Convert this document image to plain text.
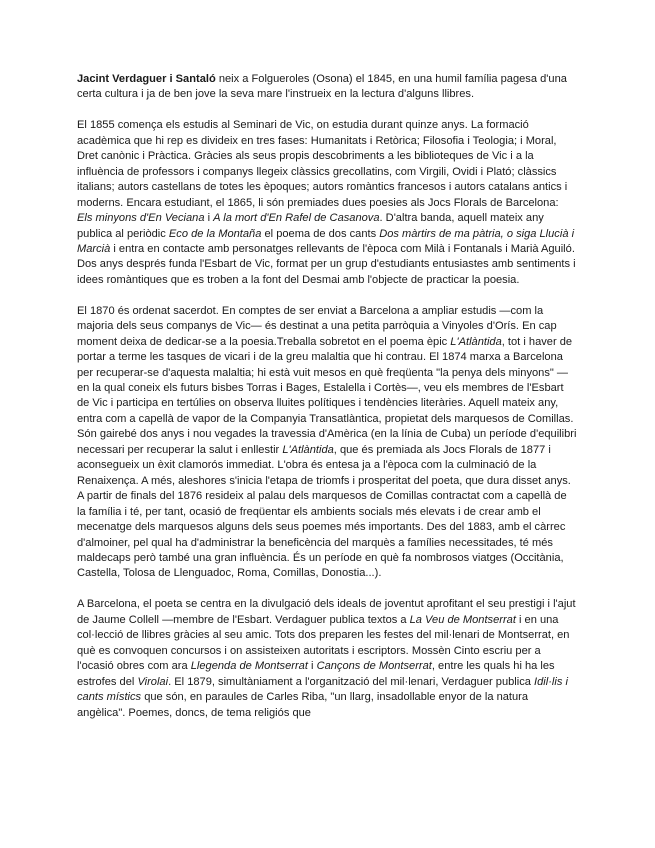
Jacint Verdaguer i Santaló neix a Folgueroles (Osona) el 1845, en una humil família pagesa d'una certa cultura i ja de ben jove la seva mare l'instrueix en la lectura d'alguns llibres.

El 1855 comença els estudis al Seminari de Vic, on estudia durant quinze anys. La formació acadèmica que hi rep es divideix en tres fases: Humanitats i Retòrica; Filosofia i Teologia; i Moral, Dret canònic i Pràctica. Gràcies als seus propis descobriments a les biblioteques de Vic i a la influència de professors i companys llegeix clàssics grecollatins, com Virgili, Ovidi i Plató; clàssics italians; autors castellans de totes les èpoques; autors romàntics francesos i autors catalans antics i moderns. Encara estudiant, el 1865, li són premiades dues poesies als Jocs Florals de Barcelona: Els minyons d'En Veciana i A la mort d'En Rafel de Casanova. D'altra banda, aquell mateix any publica al periòdic Eco de la Montaña el poema de dos cants Dos màrtirs de ma pàtria, o siga Llucià i Marcià i entra en contacte amb personatges rellevants de l'època com Milà i Fontanals i Marià Aguiló. Dos anys després funda l'Esbart de Vic, format per un grup d'estudiants entusiastes amb sentiments i idees romàntiques que es troben a la font del Desmai amb l'objecte de practicar la poesia.

El 1870 és ordenat sacerdot. En comptes de ser enviat a Barcelona a ampliar estudis —com la majoria dels seus companys de Vic— és destinat a una petita parròquia a Vinyoles d'Orís. En cap moment deixa de dedicar-se a la poesia.Treballa sobretot en el poema èpic L'Atlàntida, tot i haver de portar a terme les tasques de vicari i de la greu malaltia que hi contrau. El 1874 marxa a Barcelona per recuperar-se d'aquesta malaltia; hi està vuit mesos en què freqüenta "la penya dels minyons" —en la qual coneix els futurs bisbes Torras i Bages, Estalella i Cortès—, veu els membres de l'Esbart de Vic i participa en tertúlies on observa lluites polítiques i tendències literàries. Aquell mateix any, entra com a capellà de vapor de la Companyia Transatlàntica, propietat dels marquesos de Comillas. Són gairebé dos anys i nou vegades la travessia d'Amèrica (en la línia de Cuba) un període d'equilibri necessari per recuperar la salut i enllestir L'Atlàntida, que és premiada als Jocs Florals de 1877 i aconsegueix un èxit clamorós immediat. L'obra és entesa ja a l'època com la culminació de la Renaixença. A més, aleshores s'inicia l'etapa de triomfs i prosperitat del poeta, que dura disset anys. A partir de finals del 1876 resideix al palau dels marquesos de Comillas contractat com a capellà de la família i té, per tant, ocasió de freqüentar els ambients socials més elevats i de crear amb el mecenatge dels marquesos alguns dels seus poemes més importants. Des del 1883, amb el càrrec d'almoiner, pel qual ha d'administrar la beneficència del marquès a famílies necessitades, té més maldecaps però també una gran influència. És un període en què fa nombrosos viatges (Occitània, Castella, Tolosa de Llenguadoc, Roma, Comillas, Donostia...).

A Barcelona, el poeta se centra en la divulgació dels ideals de joventut aprofitant el seu prestigi i l'ajut de Jaume Collell —membre de l'Esbart. Verdaguer publica textos a La Veu de Montserrat i en una col·lecció de llibres gràcies al seu amic. Tots dos preparen les festes del mil·lenari de Montserrat, en què es convoquen concursos i on assisteixen autoritats i escriptors. Mossèn Cinto escriu per a l'ocasió obres com ara Llegenda de Montserrat i Cançons de Montserrat, entre les quals hi ha les estrofes del Virolai. El 1879, simultàniament a l'organització del mil·lenari, Verdaguer publica Idil·lis i cants místics que són, en paraules de Carles Riba, "un llarg, insadollable enyor de la natura angèlica". Poemes, doncs, de tema religiós que
